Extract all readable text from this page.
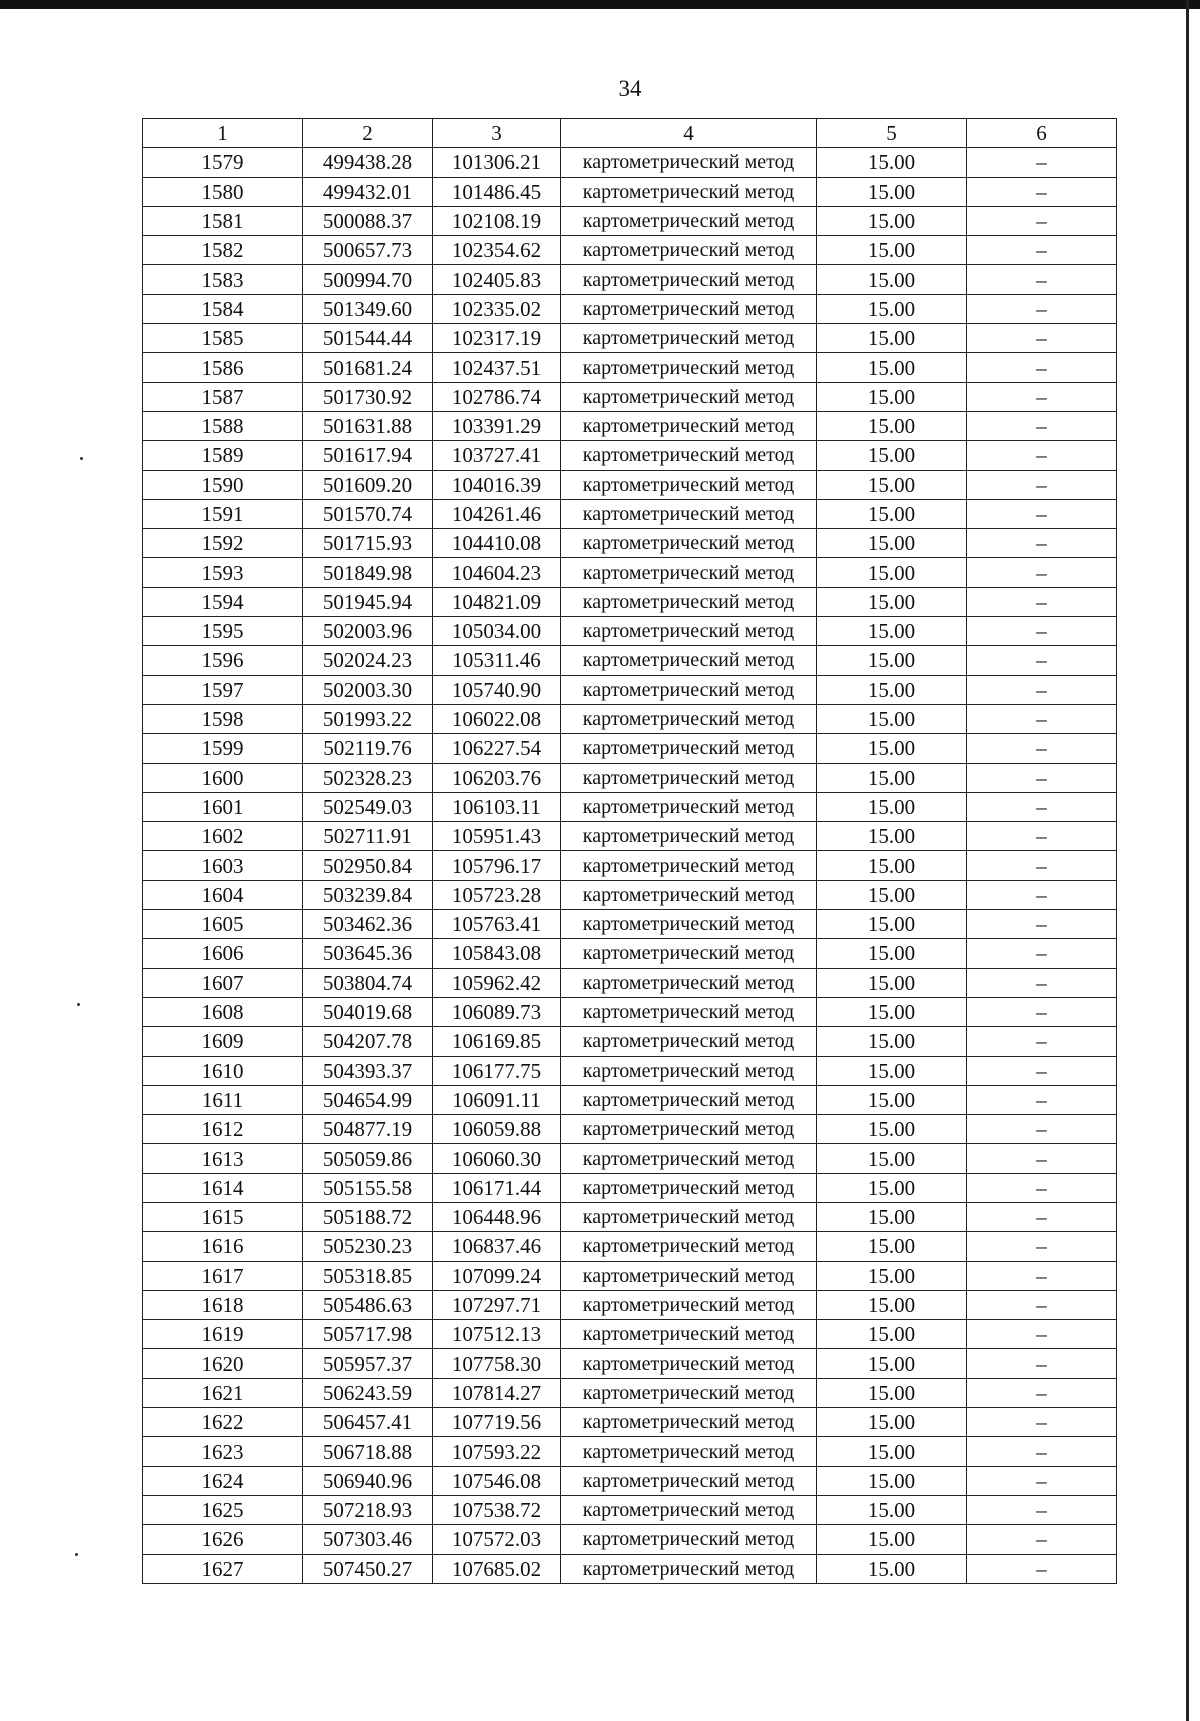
34
1	2	3	4	5	6
1579	499438.28	101306.21	картометрический метод	15.00	–
1580	499432.01	101486.45	картометрический метод	15.00	–
1581	500088.37	102108.19	картометрический метод	15.00	–
1582	500657.73	102354.62	картометрический метод	15.00	–
1583	500994.70	102405.83	картометрический метод	15.00	–
1584	501349.60	102335.02	картометрический метод	15.00	–
1585	501544.44	102317.19	картометрический метод	15.00	–
1586	501681.24	102437.51	картометрический метод	15.00	–
1587	501730.92	102786.74	картометрический метод	15.00	–
1588	501631.88	103391.29	картометрический метод	15.00	–
1589	501617.94	103727.41	картометрический метод	15.00	–
1590	501609.20	104016.39	картометрический метод	15.00	–
1591	501570.74	104261.46	картометрический метод	15.00	–
1592	501715.93	104410.08	картометрический метод	15.00	–
1593	501849.98	104604.23	картометрический метод	15.00	–
1594	501945.94	104821.09	картометрический метод	15.00	–
1595	502003.96	105034.00	картометрический метод	15.00	–
1596	502024.23	105311.46	картометрический метод	15.00	–
1597	502003.30	105740.90	картометрический метод	15.00	–
1598	501993.22	106022.08	картометрический метод	15.00	–
1599	502119.76	106227.54	картометрический метод	15.00	–
1600	502328.23	106203.76	картометрический метод	15.00	–
1601	502549.03	106103.11	картометрический метод	15.00	–
1602	502711.91	105951.43	картометрический метод	15.00	–
1603	502950.84	105796.17	картометрический метод	15.00	–
1604	503239.84	105723.28	картометрический метод	15.00	–
1605	503462.36	105763.41	картометрический метод	15.00	–
1606	503645.36	105843.08	картометрический метод	15.00	–
1607	503804.74	105962.42	картометрический метод	15.00	–
1608	504019.68	106089.73	картометрический метод	15.00	–
1609	504207.78	106169.85	картометрический метод	15.00	–
1610	504393.37	106177.75	картометрический метод	15.00	–
1611	504654.99	106091.11	картометрический метод	15.00	–
1612	504877.19	106059.88	картометрический метод	15.00	–
1613	505059.86	106060.30	картометрический метод	15.00	–
1614	505155.58	106171.44	картометрический метод	15.00	–
1615	505188.72	106448.96	картометрический метод	15.00	–
1616	505230.23	106837.46	картометрический метод	15.00	–
1617	505318.85	107099.24	картометрический метод	15.00	–
1618	505486.63	107297.71	картометрический метод	15.00	–
1619	505717.98	107512.13	картометрический метод	15.00	–
1620	505957.37	107758.30	картометрический метод	15.00	–
1621	506243.59	107814.27	картометрический метод	15.00	–
1622	506457.41	107719.56	картометрический метод	15.00	–
1623	506718.88	107593.22	картометрический метод	15.00	–
1624	506940.96	107546.08	картометрический метод	15.00	–
1625	507218.93	107538.72	картометрический метод	15.00	–
1626	507303.46	107572.03	картометрический метод	15.00	–
1627	507450.27	107685.02	картометрический метод	15.00	–
